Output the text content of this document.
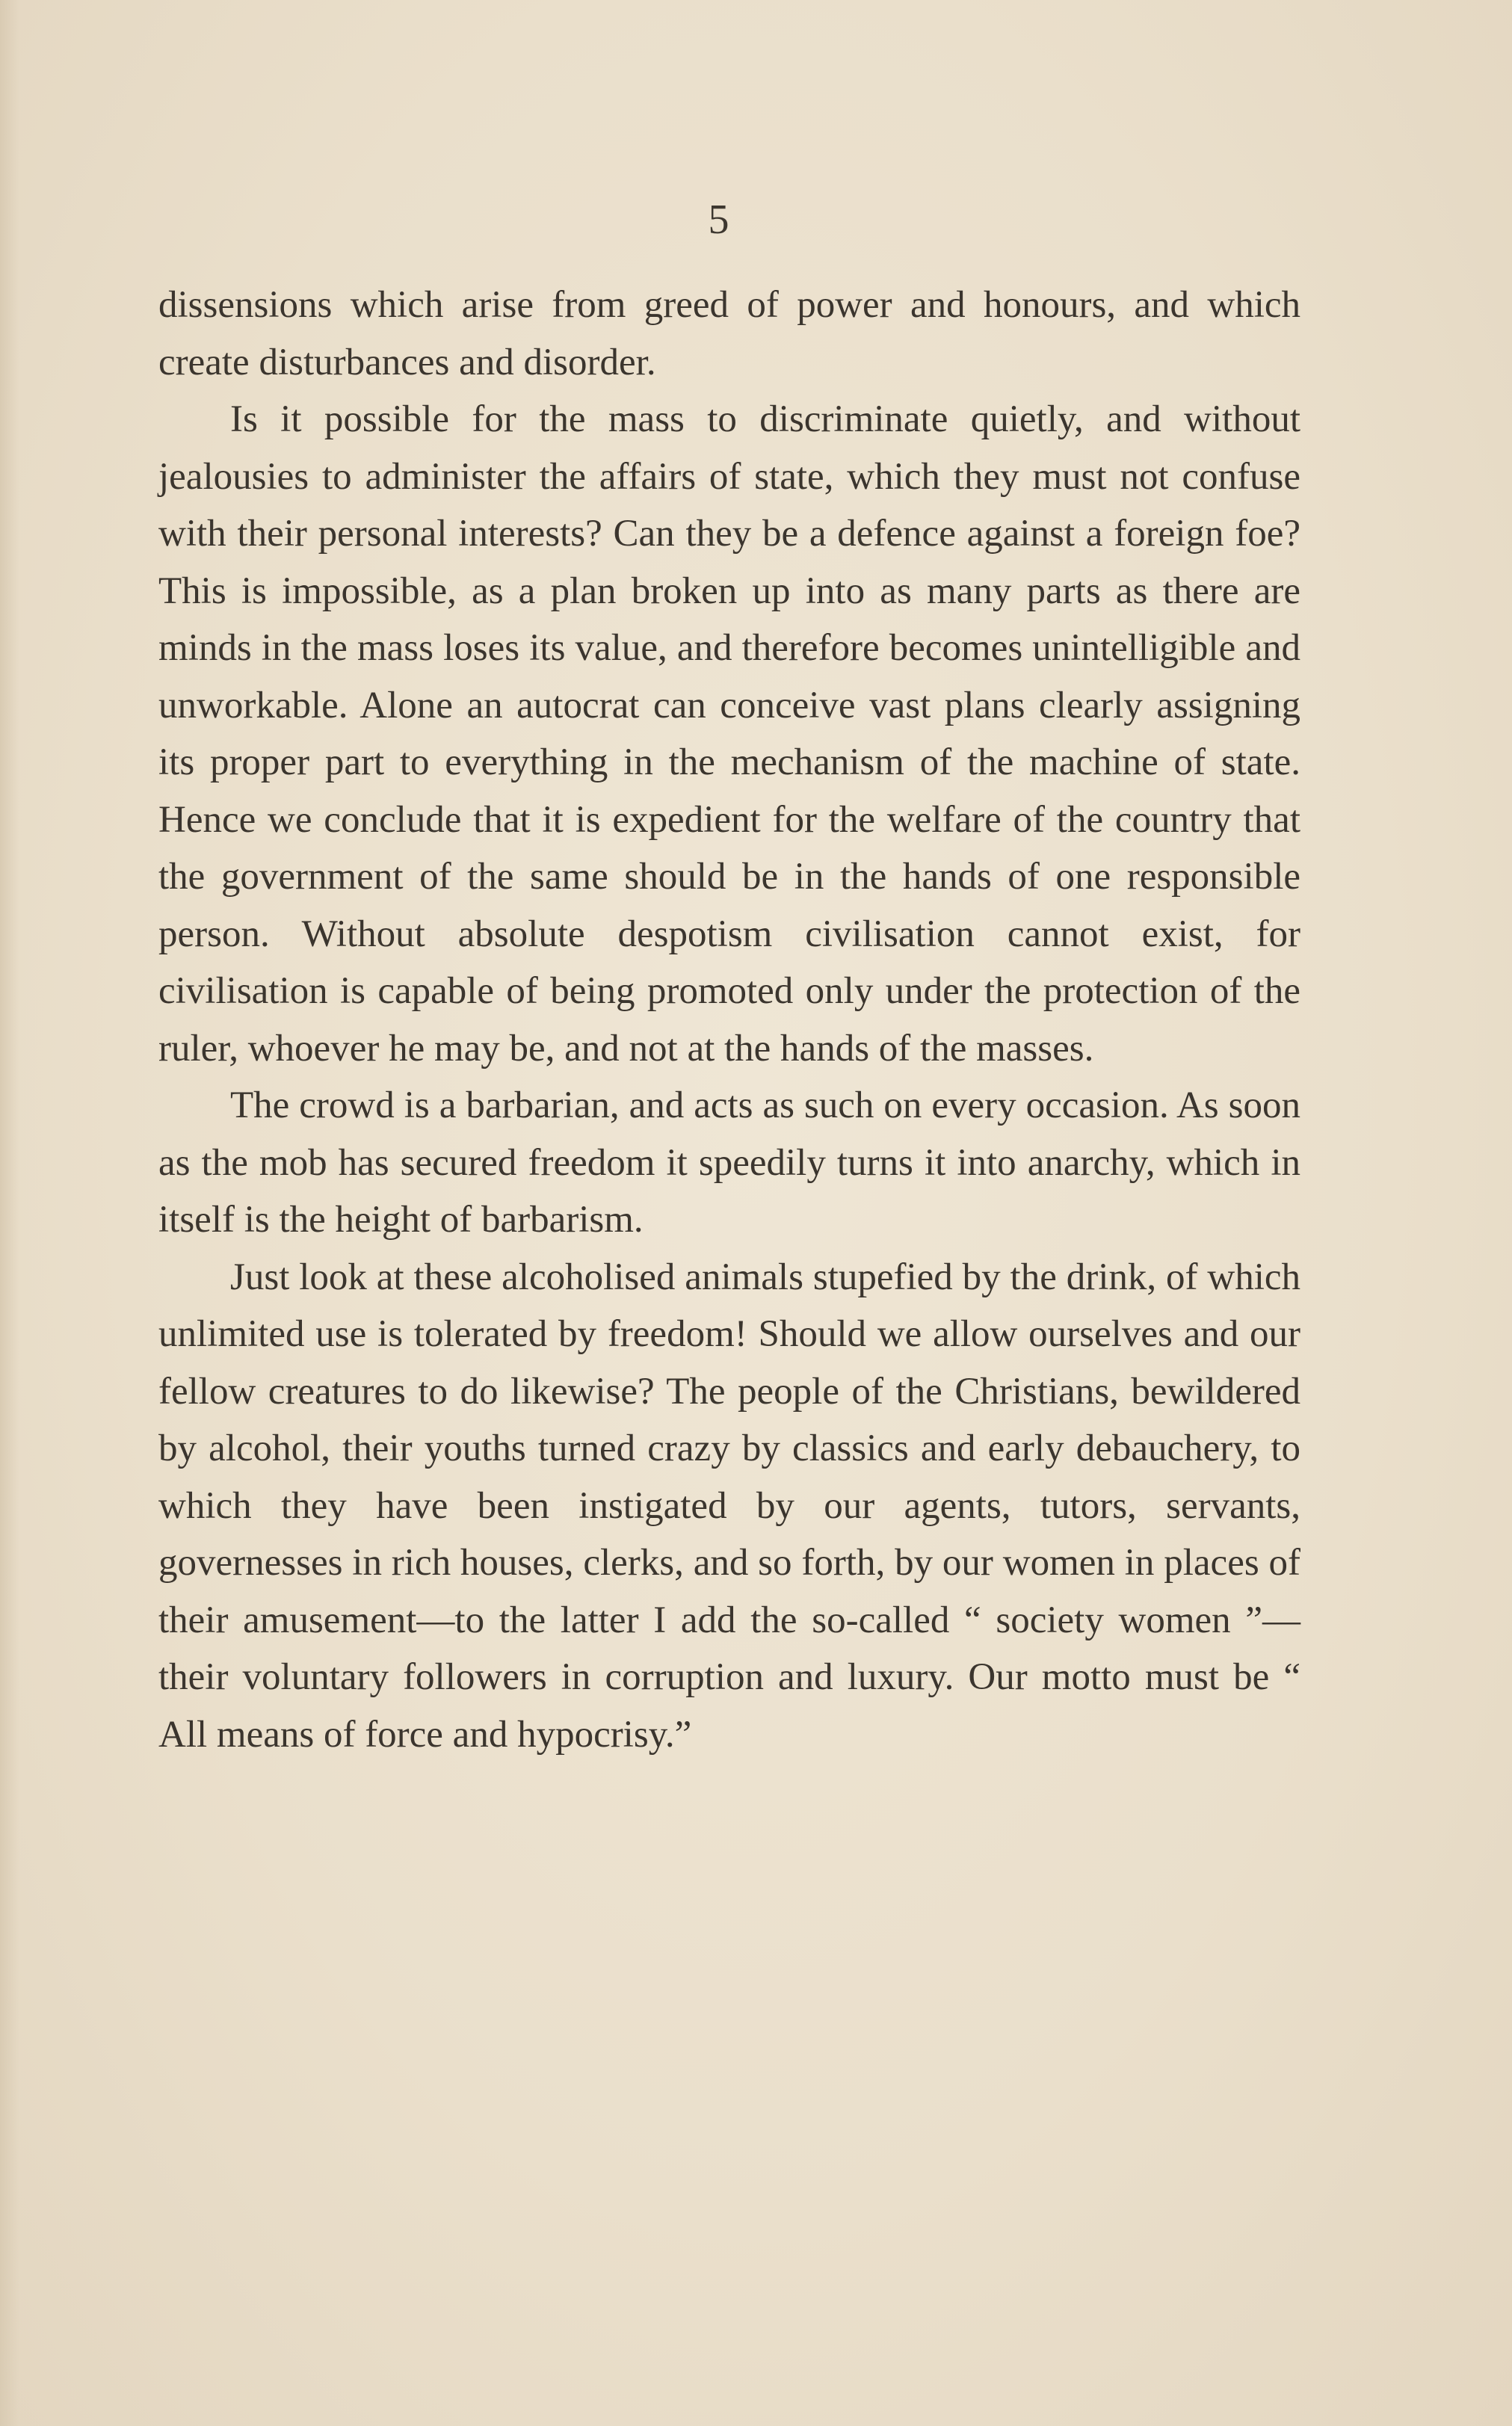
5

dissensions which arise from greed of power and honours, and which create disturbances and disorder.

Is it possible for the mass to discriminate quietly, and without jealousies to administer the affairs of state, which they must not confuse with their personal interests? Can they be a defence against a foreign foe? This is impossible, as a plan broken up into as many parts as there are minds in the mass loses its value, and therefore becomes unintelligible and unworkable. Alone an autocrat can conceive vast plans clearly assigning its proper part to everything in the mechanism of the machine of state. Hence we conclude that it is expedient for the welfare of the country that the government of the same should be in the hands of one responsible person. Without absolute despotism civilisation cannot exist, for civilisation is capable of being promoted only under the protection of the ruler, whoever he may be, and not at the hands of the masses.

The crowd is a barbarian, and acts as such on every occasion. As soon as the mob has secured freedom it speedily turns it into anarchy, which in itself is the height of barbarism.

Just look at these alcoholised animals stupefied by the drink, of which unlimited use is tolerated by freedom! Should we allow ourselves and our fellow creatures to do likewise? The people of the Christians, bewildered by alcohol, their youths turned crazy by classics and early debauchery, to which they have been instigated by our agents, tutors, servants, governesses in rich houses, clerks, and so forth, by our women in places of their amusement—to the latter I add the so-called “ society women ”—their voluntary followers in corruption and luxury. Our motto must be “ All means of force and hypocrisy.”
